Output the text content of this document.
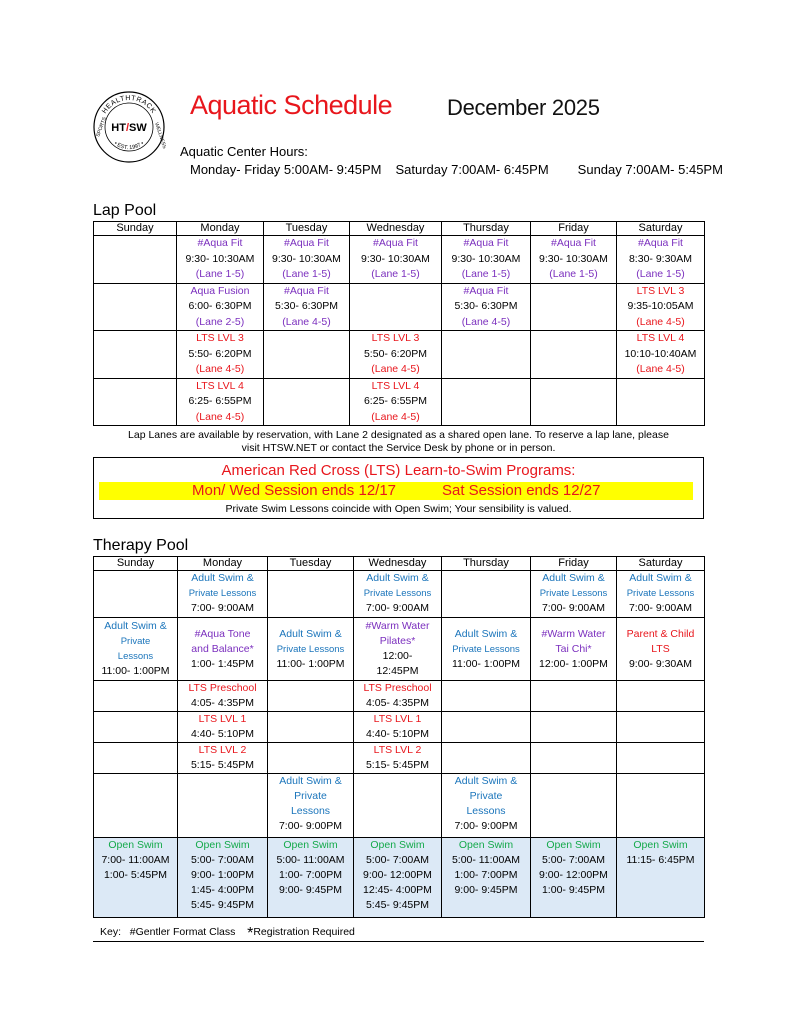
HEALTHTRACK
• EST. 1997 •
SPORTS	WELLNESS
HT/SW
Aquatic Schedule December 2025
Aquatic Center Hours:
Monday- Friday 5:00AM- 9:45PM Saturday 7:00AM- 6:45PM Sunday 7:00AM- 5:45PM
Lap Pool
Sunday	Monday	Tuesday	Wednesday	Thursday	Friday	Saturday

	#Aqua Fit
9:30- 10:30AM
(Lane 1-5)	#Aqua Fit
9:30- 10:30AM
(Lane 1-5)	#Aqua Fit
9:30- 10:30AM
(Lane 1-5)	#Aqua Fit
9:30- 10:30AM
(Lane 1-5)	#Aqua Fit
9:30- 10:30AM
(Lane 1-5)	#Aqua Fit
8:30- 9:30AM
(Lane 1-5)

	Aqua Fusion
6:00- 6:30PM
(Lane 2-5)	#Aqua Fit
5:30- 6:30PM
(Lane 4-5)		#Aqua Fit
5:30- 6:30PM
(Lane 4-5)		LTS LVL 3
9:35-10:05AM
(Lane 4-5)

	LTS LVL 3
5:50- 6:20PM
(Lane 4-5)		LTS LVL 3
5:50- 6:20PM
(Lane 4-5)			LTS LVL 4
10:10-10:40AM
(Lane 4-5)

	LTS LVL 4
6:25- 6:55PM
(Lane 4-5)		LTS LVL 4
6:25- 6:55PM
(Lane 4-5)			

Lap Lanes are available by reservation, with Lane 2 designated as a shared open lane. To reserve a lap lane, please
visit HTSW.NET or contact the Service Desk by phone or in person.
American Red Cross (LTS) Learn-to-Swim Programs:
Mon/ Wed Session ends 12/17	Sat Session ends 12/27
Private Swim Lessons coincide with Open Swim; Your sensibility is valued.
Therapy Pool
Sunday	Monday	Tuesday	Wednesday	Thursday	Friday	Saturday

	Adult Swim &
Private Lessons
7:00- 9:00AM		Adult Swim &
Private Lessons
7:00- 9:00AM		Adult Swim &
Private Lessons
7:00- 9:00AM	Adult Swim &
Private Lessons
7:00- 9:00AM

Adult Swim &
Private
Lessons
11:00- 1:00PM	#Aqua Tone
and Balance*
1:00- 1:45PM	Adult Swim &
Private Lessons
11:00- 1:00PM	#Warm Water
Pilates*
12:00-
12:45PM	Adult Swim &
Private Lessons
11:00- 1:00PM	#Warm Water
Tai Chi*
12:00- 1:00PM	Parent & Child
LTS
9:00- 9:30AM

	LTS Preschool
4:05- 4:35PM		LTS Preschool
4:05- 4:35PM			

	LTS LVL 1
4:40- 5:10PM		LTS LVL 1
4:40- 5:10PM			

	LTS LVL 2
5:15- 5:45PM		LTS LVL 2
5:15- 5:45PM			

		Adult Swim &
Private
Lessons
7:00- 9:00PM		Adult Swim &
Private
Lessons
7:00- 9:00PM		

Open Swim
7:00- 11:00AM
1:00- 5:45PM	Open Swim
5:00- 7:00AM
9:00- 1:00PM
1:45- 4:00PM
5:45- 9:45PM	Open Swim
5:00- 11:00AM
1:00- 7:00PM
9:00- 9:45PM	Open Swim
5:00- 7:00AM
9:00- 12:00PM
12:45- 4:00PM
5:45- 9:45PM	Open Swim
5:00- 11:00AM
1:00- 7:00PM
9:00- 9:45PM	Open Swim
5:00- 7:00AM
9:00- 12:00PM
1:00- 9:45PM	Open Swim
11:15- 6:45PM
Key: #Gentler Format Class *Registration Required
